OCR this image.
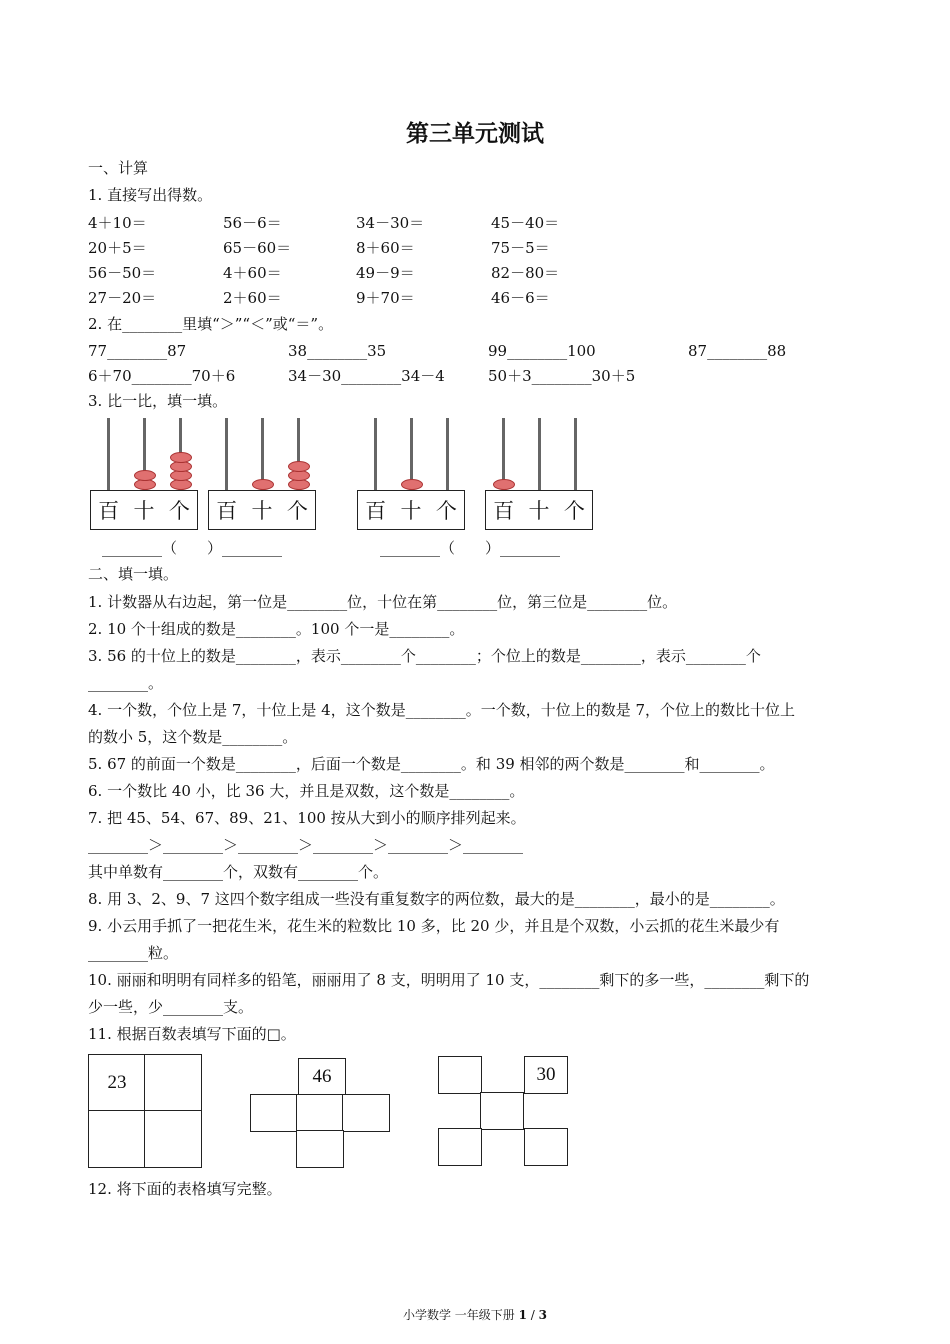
第三单元测试
一、计算
1. 直接写出得数。
4＋10＝	56－6＝	34－30＝	45－40＝
20＋5＝	65－60＝	8＋60＝	75－5＝
56－50＝	4＋60＝	49－9＝	82－80＝
27－20＝	2＋60＝	9＋70＝	46－6＝
2. 在________里填“＞”“＜”或“＝”。
77________87	38________35	99________100	87________88
6＋70________70＋6	34－30________34－4	50＋3________30＋5
3. 比一比，填一填。
百 十 个 百 十 个	百 十 个 百 十 个
________（　　）________	________（　　）________
二、填一填。
1. 计数器从右边起，第一位是________位，十位在第________位，第三位是________位。
2. 10 个十组成的数是________。100 个一是________。
3. 56 的十位上的数是________，表示________个________；个位上的数是________，表示________个
________。
4. 一个数，个位上是 7，十位上是 4，这个数是________。一个数，十位上的数是 7，个位上的数比十位上
的数小 5，这个数是________。
5. 67 的前面一个数是________，后面一个数是________。和 39 相邻的两个数是________和________。
6. 一个数比 40 小，比 36 大，并且是双数，这个数是________。
7. 把 45、54、67、89、21、100 按从大到小的顺序排列起来。
________＞________＞________＞________＞________＞________
其中单数有________个，双数有________个。
8. 用 3、2、9、7 这四个数字组成一些没有重复数字的两位数，最大的是________，最小的是________。
9. 小云用手抓了一把花生米，花生米的粒数比 10 多，比 20 少，并且是个双数，小云抓的花生米最少有
________粒。
10. 丽丽和明明有同样多的铅笔，丽丽用了 8 支，明明用了 10 支，________剩下的多一些，________剩下的
少一些，少________支。
11. 根据百数表填写下面的□。
23	46	30
12. 将下面的表格填写完整。
小学数学 一年级下册 1 / 3
